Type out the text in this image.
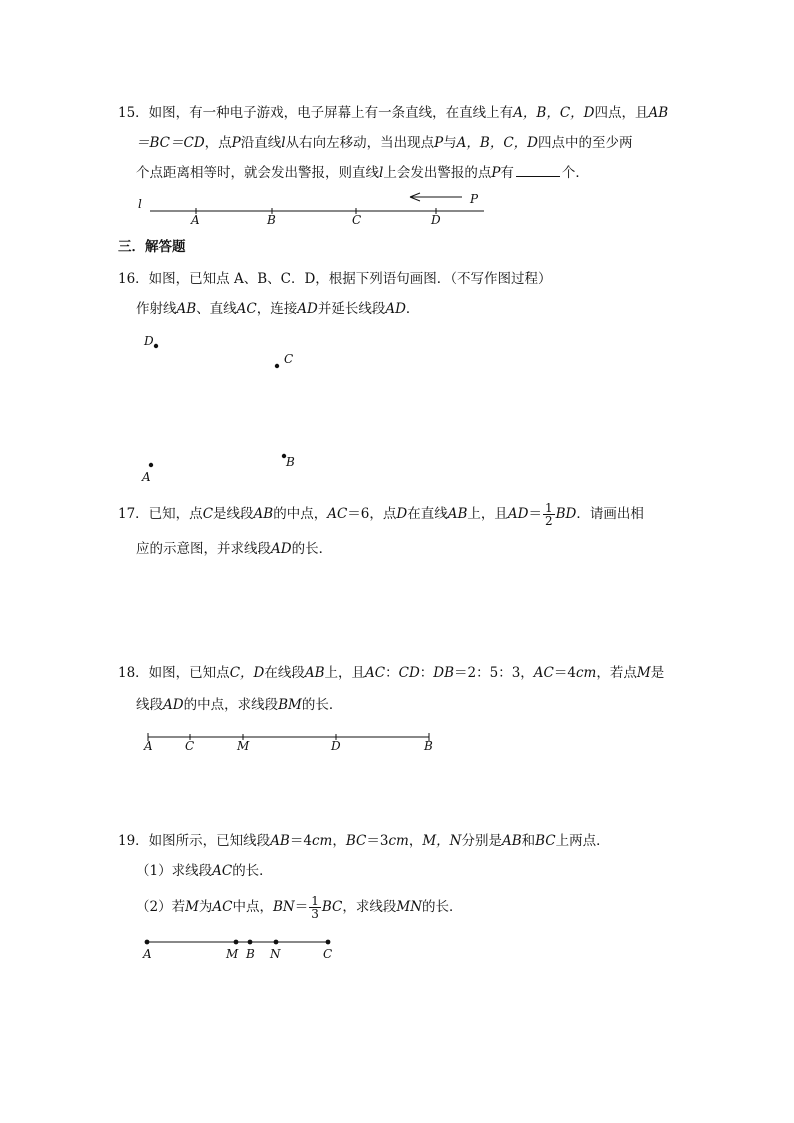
15．如图，有一种电子游戏，电子屏幕上有一条直线，在直线上有A，B，C，D四点，且AB
＝BC＝CD，点P沿直线l从右向左移动，当出现点P与A，B，C，D四点中的至少两
个点距离相等时，就会发出警报，则直线l上会发出警报的点P有	个．
三．解答题
16．如图，已知点 A、B、C．D，根据下列语句画图．（不写作图过程）
作射线AB、直线AC，连接AD并延长线段AD．
17．已知，点C是线段AB的中点，AC＝6，点D在直线AB上，且$AD= \frac{1}{2}$ BD．请画出相
应的示意图，并求线段AD的长．
18．如图，已知点C，D在线段AB上，且AC：CD：DB＝2：5：3，AC＝4cm，若点M是
线段AD的中点，求线段BM的长．
19．如图所示，已知线段AB＝4cm，BC＝3cm，M，N分别是AB和BC上两点．
（1）求线段AC的长．
（2）若M为AC中点，$BN= \frac{1}{3}$ BC，求线段MN的长．
l
A	B	C	D
P
D
C
A
B
A	C	M	D	B
A	M B N	C
